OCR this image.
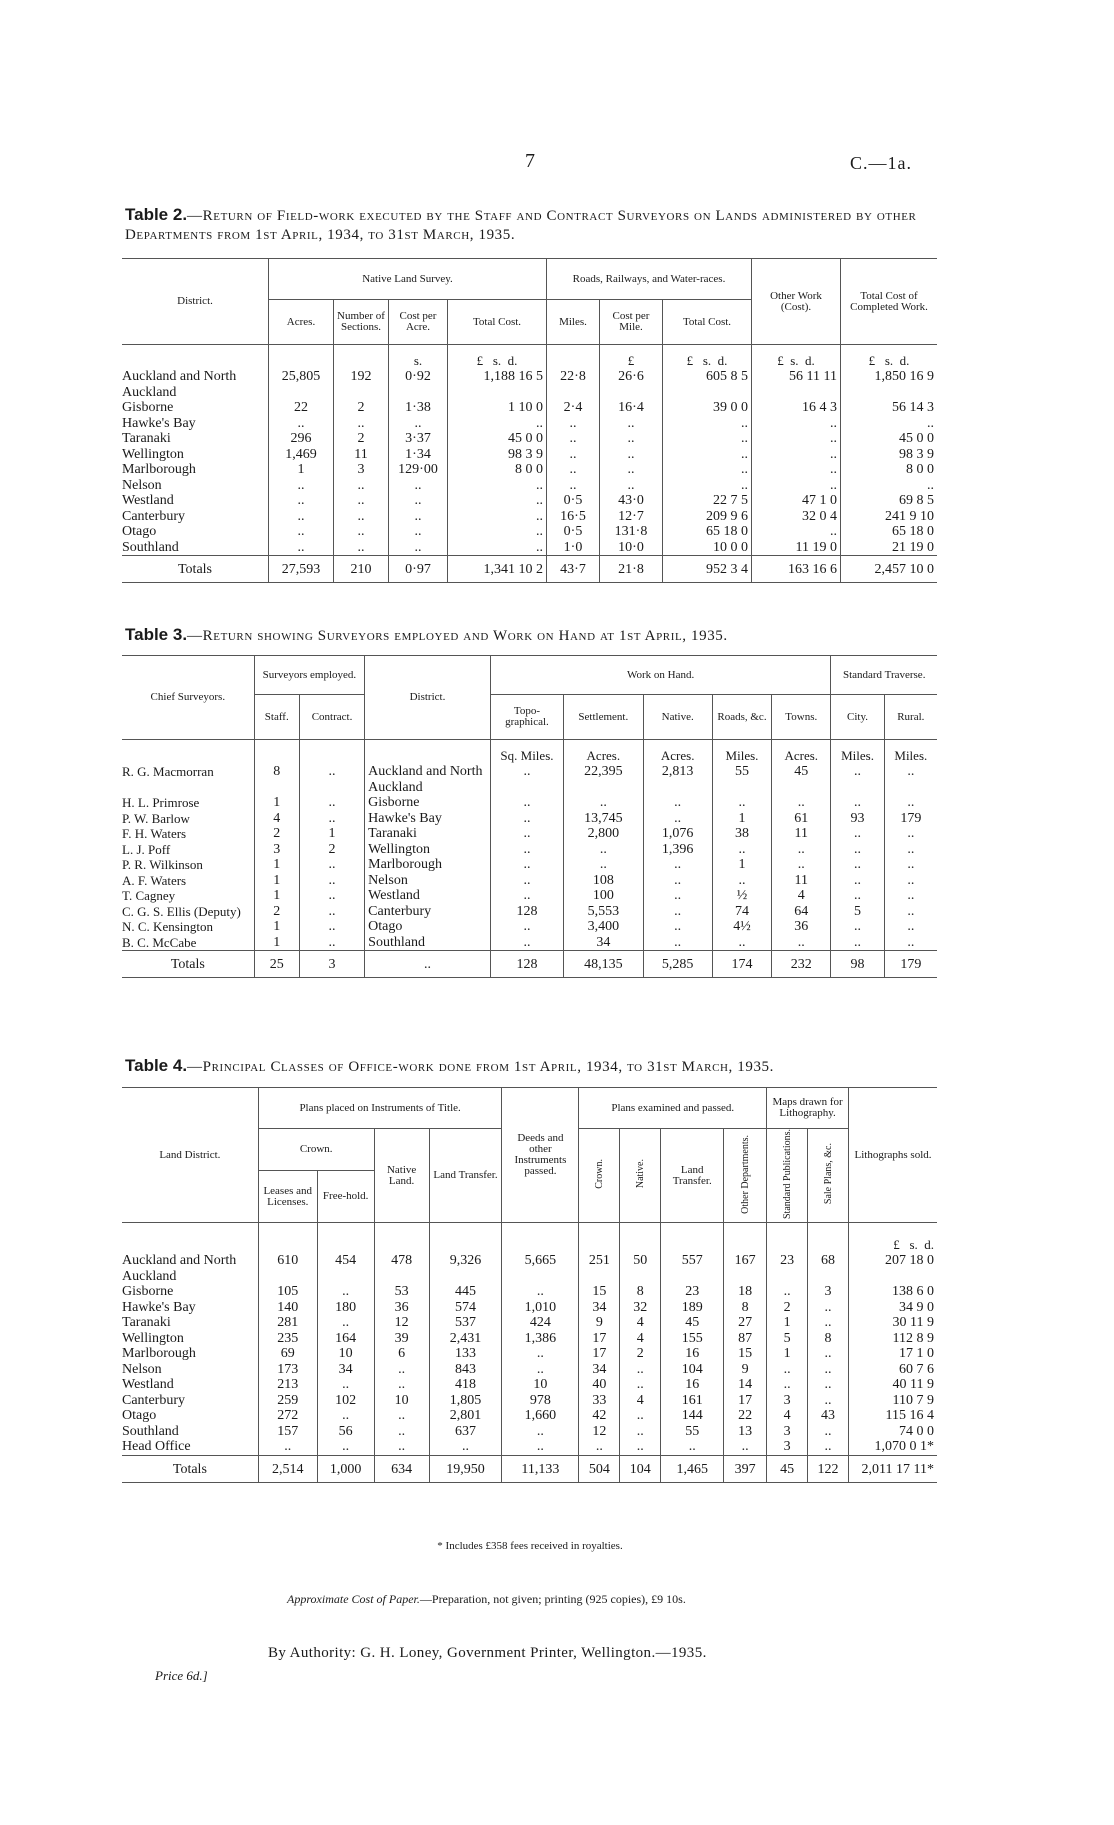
7	C.—1a.
Table 2.—Return of Field-work executed by the Staff and Contract Surveyors on Lands administered by other Departments from 1st April, 1934, to 31st March, 1935.
District.	Native Land Survey.				Roads, Railways, and Water-races.			Other Work (Cost).	Total Cost of Completed Work.
	Acres.	Number of Sections.	Cost per Acre.	Total Cost.	Miles.	Cost per Mile.	Total Cost.		
			s.	£   s.  d.		£	£   s.  d.	£  s.  d.	£   s.  d.
Auckland and North Auckland	25,805	192	0·92	1,188 16 5	22·8	26·6	605 8 5	56 11 11	1,850 16 9
Gisborne	22	2	1·38	1 10 0	2·4	16·4	39 0 0	16 4 3	56 14 3
Hawke's Bay	..	..	..	..	..	..	..	..	..
Taranaki	296	2	3·37	45 0 0	..	..	..	..	45 0 0
Wellington	1,469	11	1·34	98 3 9	..	..	..	..	98 3 9
Marlborough	1	3	129·00	8 0 0	..	..	..	..	8 0 0
Nelson	..	..	..	..	..	..	..	..	..
Westland	..	..	..	..	0·5	43·0	22 7 5	47 1 0	69 8 5
Canterbury	..	..	..	..	16·5	12·7	209 9 6	32 0 4	241 9 10
Otago	..	..	..	..	0·5	131·8	65 18 0	..	65 18 0
Southland	..	..	..	..	1·0	10·0	10 0 0	11 19 0	21 19 0
Totals	27,593	210	0·97	1,341 10 2	43·7	21·8	952 3 4	163 16 6	2,457 10 0
Table 3.—Return showing Surveyors employed and Work on Hand at 1st April, 1935.
Chief Surveyors.	Surveyors employed.		District.	Work on Hand.					Standard Traverse.	
	Staff.	Contract.		Topo-graphical.	Settlement.	Native.	Roads, &c.	Towns.	City.	Rural.
				Sq. Miles.	Acres.	Acres.	Miles.	Acres.	Miles.	Miles.
R. G. Macmorran	8	..	Auckland and North Auckland	..	22,395	2,813	55	45	..	..
H. L. Primrose	1	..	Gisborne	..	..	..	..	..	..	..
P. W. Barlow	4	..	Hawke's Bay	..	13,745	..	1	61	93	179
F. H. Waters	2	1	Taranaki	..	2,800	1,076	38	11	..	..
L. J. Poff	3	2	Wellington	..	..	1,396	..	..	..	..
P. R. Wilkinson	1	..	Marlborough	..	..	..	1	..	..	..
A. F. Waters	1	..	Nelson	..	108	..	..	11	..	..
T. Cagney	1	..	Westland	..	100	..	½	4	..	..
C. G. S. Ellis (Deputy)	2	..	Canterbury	128	5,553	..	74	64	5	..
N. C. Kensington	1	..	Otago	..	3,400	..	4½	36	..	..
B. C. McCabe	1	..	Southland	..	34	..	..	..	..	..
Totals	25	3	..	128	48,135	5,285	174	232	98	179
Table 4.—Principal Classes of Office-work done from 1st April, 1934, to 31st March, 1935.
Land District.	Plans placed on Instruments of Title.				Deeds and other Instruments passed.	Plans examined and passed.				Maps drawn for Lithography.		Lithographs sold.
	Crown.		Native Land.	Land Transfer.		Crown.	Native.	Land Transfer.	Other Departments.	Standard Publications.	Sale Plans, &c.	
	Leases and Licenses.	Free-hold.										
												£   s.  d.
Auckland and North Auckland	610	454	478	9,326	5,665	251	50	557	167	23	68	207 18 0
Gisborne	105	..	53	445	..	15	8	23	18	..	3	138 6 0
Hawke's Bay	140	180	36	574	1,010	34	32	189	8	2	..	34 9 0
Taranaki	281	..	12	537	424	9	4	45	27	1	..	30 11 9
Wellington	235	164	39	2,431	1,386	17	4	155	87	5	8	112 8 9
Marlborough	69	10	6	133	..	17	2	16	15	1	..	17 1 0
Nelson	173	34	..	843	..	34	..	104	9	..	..	60 7 6
Westland	213	..	..	418	10	40	..	16	14	..	..	40 11 9
Canterbury	259	102	10	1,805	978	33	4	161	17	3	..	110 7 9
Otago	272	..	..	2,801	1,660	42	..	144	22	4	43	115 16 4
Southland	157	56	..	637	..	12	..	55	13	3	..	74 0 0
Head Office	..	..	..	..	..	..	..	..	..	3	..	1,070 0 1*
Totals	2,514	1,000	634	19,950	11,133	504	104	1,465	397	45	122	2,011 17 11*
* Includes £358 fees received in royalties.
Approximate Cost of Paper.—Preparation, not given; printing (925 copies), £9 10s.
By Authority: G. H. Loney, Government Printer, Wellington.—1935.
Price 6d.]
